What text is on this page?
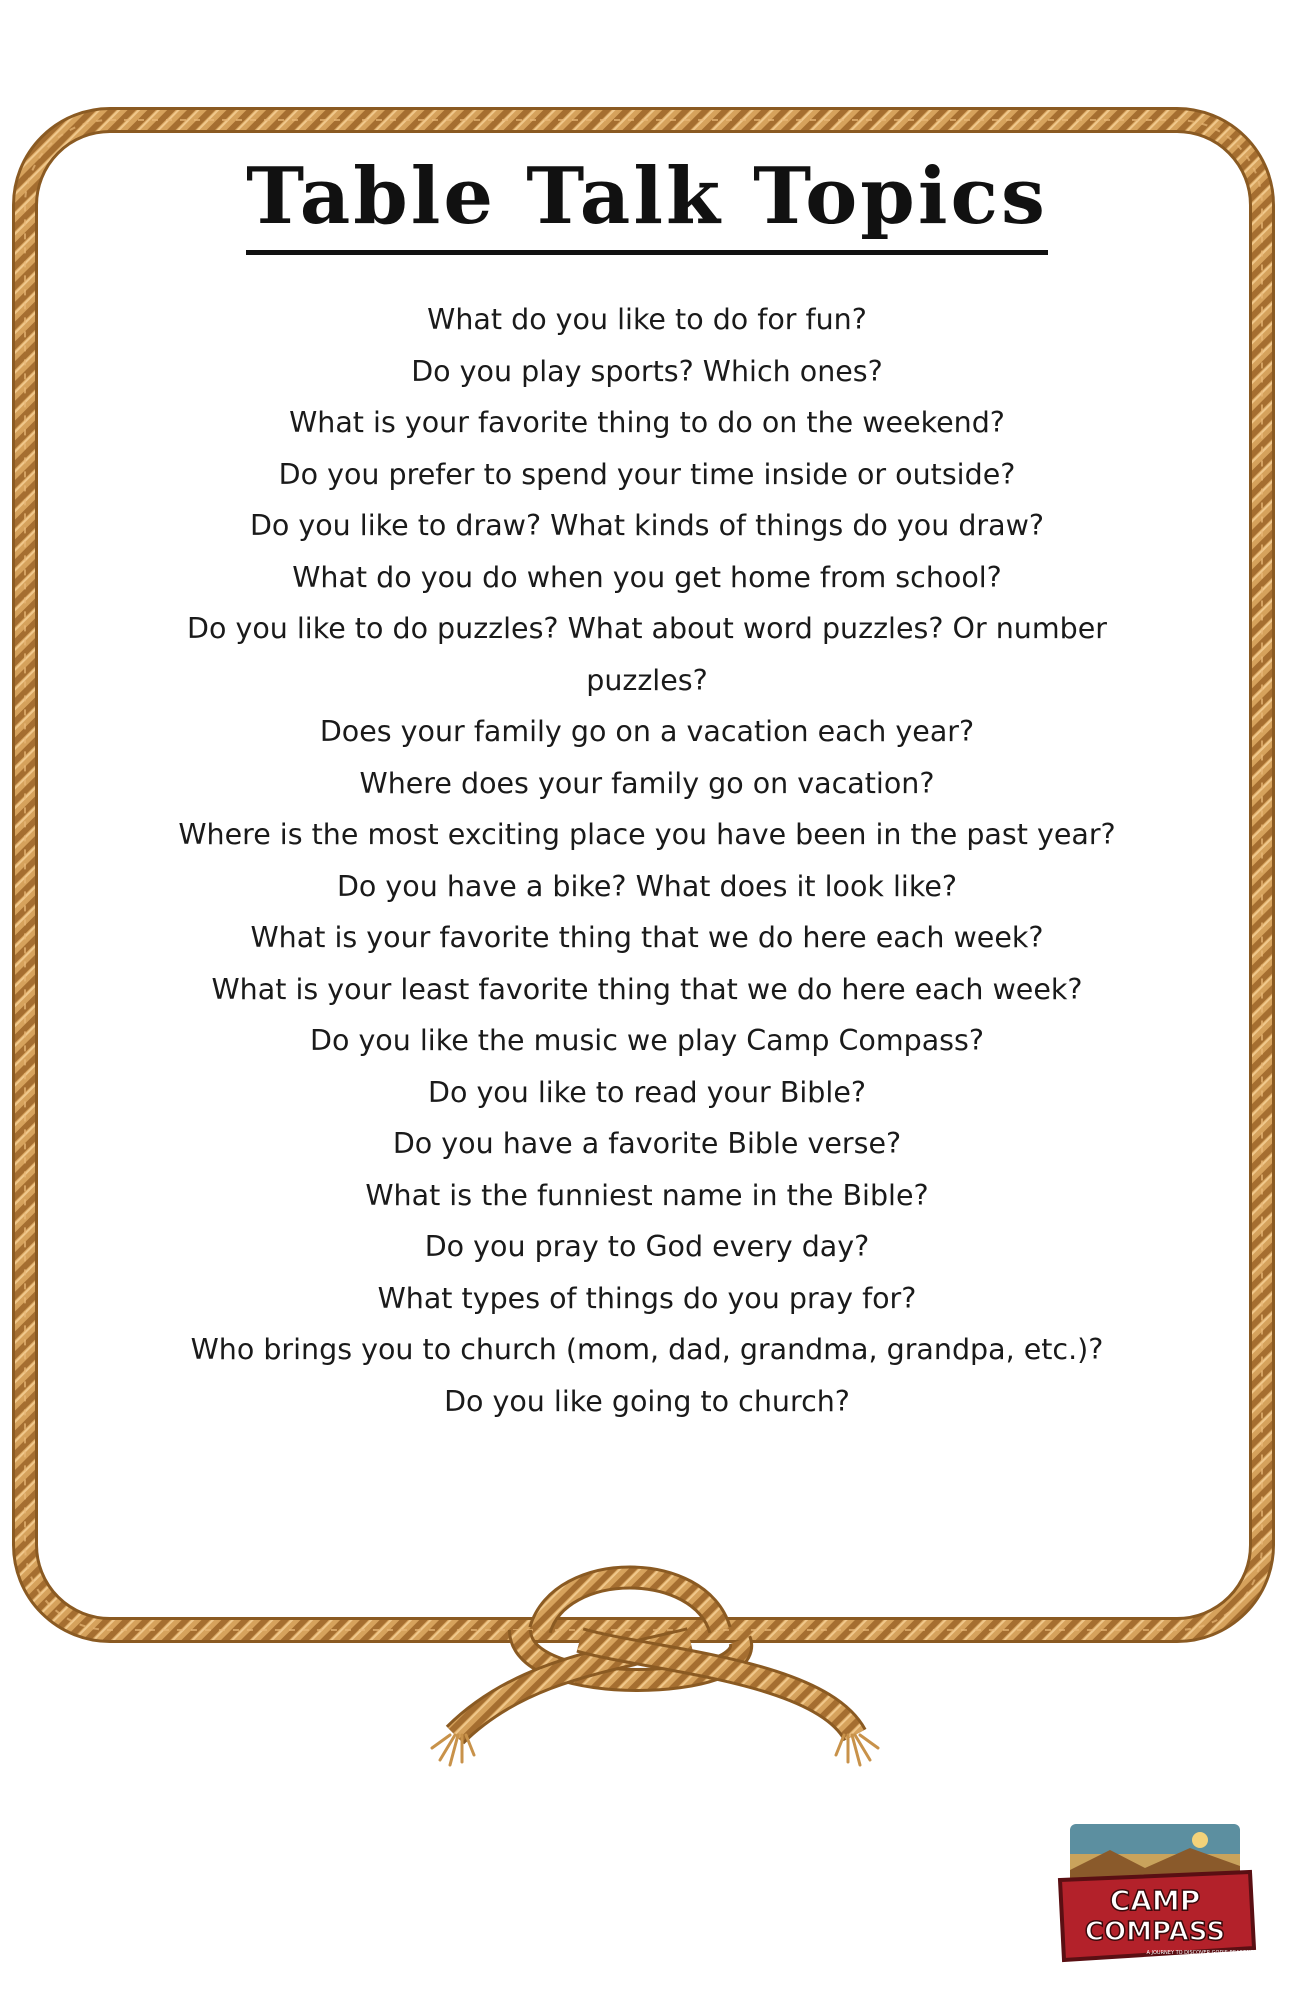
Table Talk Topics

What do you like to do for fun?

Do you play sports? Which ones?

What is your favorite thing to do on the weekend?

Do you prefer to spend your time inside or outside?

Do you like to draw? What kinds of things do you draw?

What do you do when you get home from school?

Do you like to do puzzles? What about word puzzles? Or number puzzles?

Does your family go on a vacation each year?

Where does your family go on vacation?

Where is the most exciting place you have been in the past year?

Do you have a bike? What does it look like?

What is your favorite thing that we do here each week?

What is your least favorite thing that we do here each week?

Do you like the music we play Camp Compass?

Do you like to read your Bible?

Do you have a favorite Bible verse?

What is the funniest name in the Bible?

Do you pray to God every day?

What types of things do you pray for?

Who brings you to church (mom, dad, grandma, grandpa, etc.)?

Do you like going to church?

CAMP
COMPASS
A JOURNEY TO DISCOVER GOD'S REASONS
